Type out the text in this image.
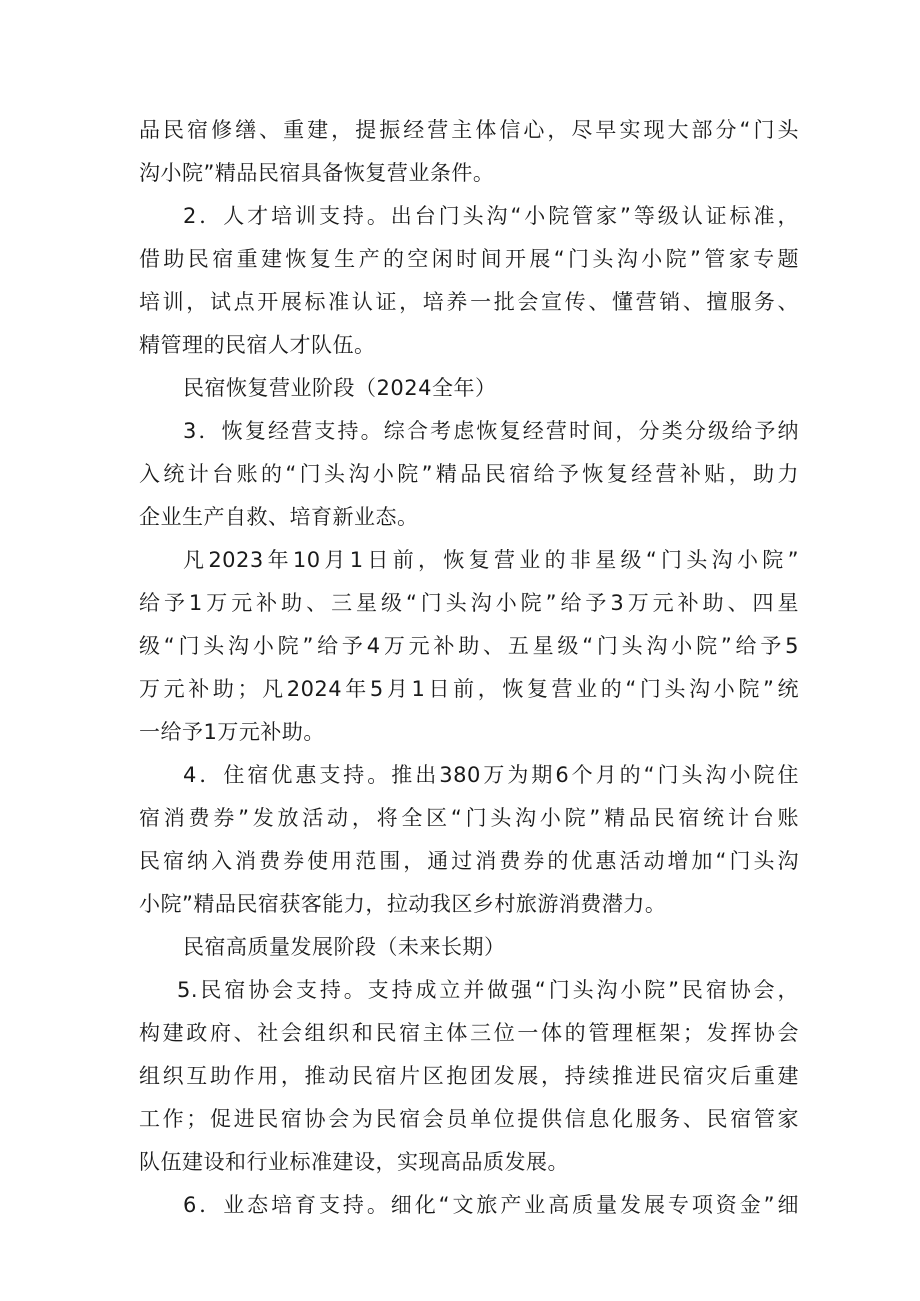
品民宿修缮、重建，提振经营主体信心，尽早实现大部分“门头
沟小院”精品民宿具备恢复营业条件。
2．人才培训支持。出台门头沟“小院管家”等级认证标准，
借助民宿重建恢复生产的空闲时间开展“门头沟小院”管家专题
培训，试点开展标准认证，培养一批会宣传、懂营销、擅服务、
精管理的民宿人才队伍。
民宿恢复营业阶段（2024全年）
3．恢复经营支持。综合考虑恢复经营时间，分类分级给予纳
入统计台账的“门头沟小院”精品民宿给予恢复经营补贴，助力
企业生产自救、培育新业态。
凡2023年10月1日前，恢复营业的非星级“门头沟小院”
给予1万元补助、三星级“门头沟小院”给予3万元补助、四星
级“门头沟小院”给予4万元补助、五星级“门头沟小院”给予5
万元补助；凡2024年5月1日前，恢复营业的“门头沟小院”统
一给予1万元补助。
4．住宿优惠支持。推出380万为期6个月的“门头沟小院住
宿消费券”发放活动，将全区“门头沟小院”精品民宿统计台账
民宿纳入消费券使用范围，通过消费券的优惠活动增加“门头沟
小院”精品民宿获客能力，拉动我区乡村旅游消费潜力。
民宿高质量发展阶段（未来长期）
5.民宿协会支持。支持成立并做强“门头沟小院”民宿协会，
构建政府、社会组织和民宿主体三位一体的管理框架；发挥协会
组织互助作用，推动民宿片区抱团发展，持续推进民宿灾后重建
工作；促进民宿协会为民宿会员单位提供信息化服务、民宿管家
队伍建设和行业标准建设，实现高品质发展。
6．业态培育支持。细化“文旅产业高质量发展专项资金”细
